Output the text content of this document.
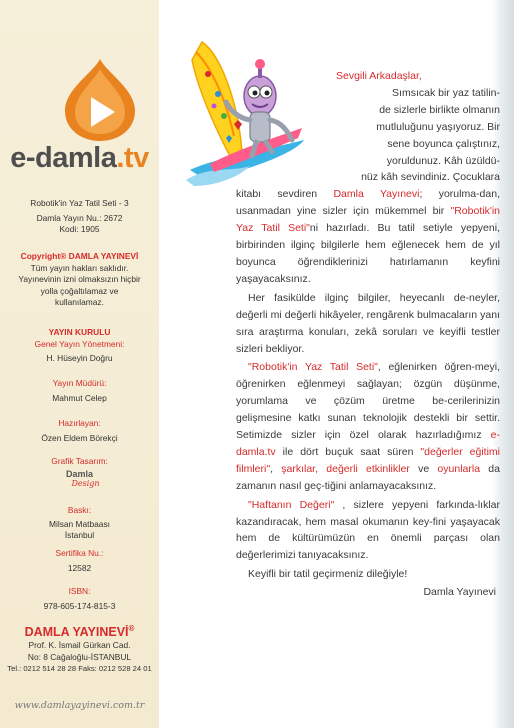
e-damla.tv
Robotik'in Yaz Tatil Seti - 3
Damla Yayın Nu.: 2672
Kodi: 1905
Copyright® DAMLA YAYINEVİ
Tüm yayın hakları saklıdır.
Yayınevinin izni olmaksızın hiçbir
yolla çoğaltılamaz ve
kullanılamaz.
YAYIN KURULU
Genel Yayın Yönetmeni:
H. Hüseyin Doğru
Yayın Müdürü:
Mahmut Celep
Hazırlayan:
Özen Eldem Börekçi
Grafik Tasarım:
Damla
Design
Baskı:
Milsan Matbaası
İstanbul
Sertifika Nu.:
12582
ISBN:
978-605-174-815-3
DAMLA YAYINEVİ®
Prof. K. İsmail Gürkan Cad.
No: 8 Cağaloğlu-İSTANBUL
Tel.: 0212 514 28 28 Faks: 0212 528 24 01
www.damlayayinevi.com.tr

Sevgili Arkadaşlar,

Sımsıcak bir yaz tatilin-

de sizlerle birlikte olmanın

mutluluğunu yaşıyoruz. Bir

sene boyunca çalıştınız,

yoruldunuz. Kâh üzüldü-

nüz kâh sevindiniz. Çocuklara

kitabı sevdiren Damla Yayınevi; yorulma-dan, usanmadan yine sizler için mükemmel bir "Robotik'in Yaz Tatil Seti"ni hazırladı. Bu tatil setiyle yepyeni, birbirinden ilginç bilgilerle hem eğlenecek hem de yıl boyunca öğrendiklerinizi hatırlamanın keyfini yaşayacaksınız.

Her fasikülde ilginç bilgiler, heyecanlı de-neyler, değerli mi değerli hikâyeler, rengârenk bulmacaların yanı sıra araştırma konuları, zekâ soruları ve keyifli testler sizleri bekliyor.

"Robotik'in Yaz Tatil Seti", eğlenirken öğren-meyi, öğrenirken eğlenmeyi sağlayan; özgün düşünme, yorumlama ve çözüm üretme be-cerilerinizin gelişmesine katkı sunan teknolojik destekli bir settir. Setimizde sizler için özel olarak hazırladığımız e-damla.tv ile dört buçuk saat süren "değerler eğitimi filmleri", şarkılar, değerli etkinlikler ve oyunlarla da zamanın nasıl geç-tiğini anlamayacaksınız.

"Haftanın Değeri" , sizlere yepyeni farkında-lıklar kazandıracak, hem masal okumanın key-fini yaşayacak hem de kültürümüzün en önemli parçası olan değerlerimizi tanıyacaksınız.

Keyifli bir tatil geçirmeniz dileğiyle!

Damla Yayınevi
